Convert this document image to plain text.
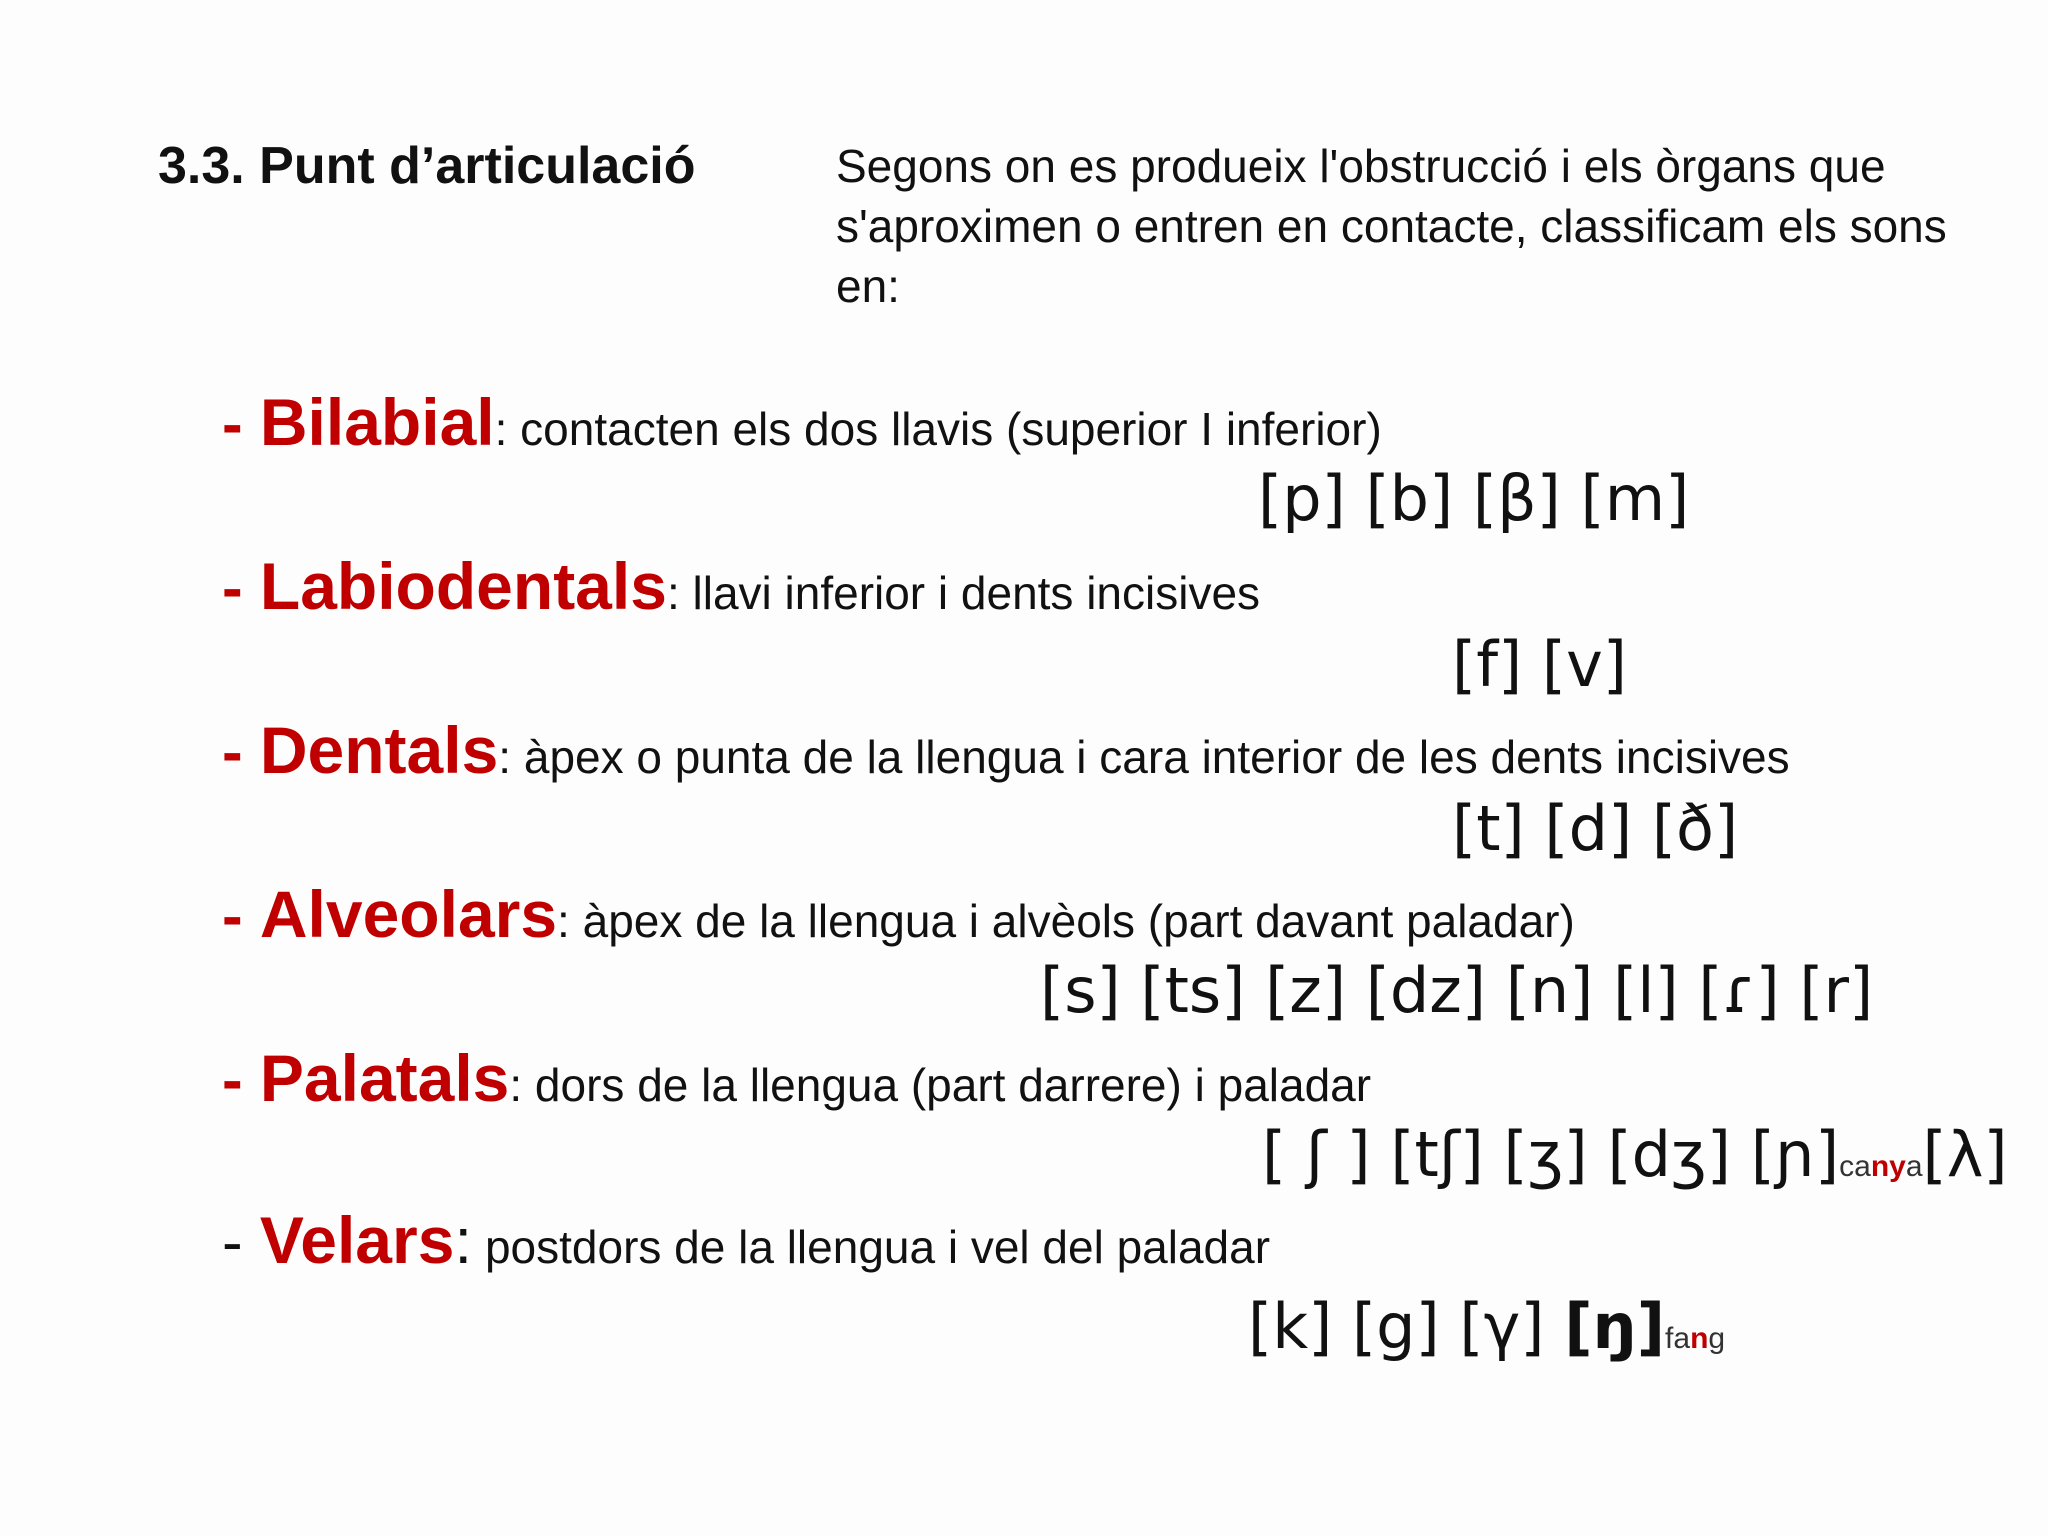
3.3. Punt d’articulació	Segons on es produeix l'obstrucció i els òrgans que s'aproximen o entren en contacte, classificam els sons en:
- Bilabial: contacten els dos llavis (superior I inferior)
[p] [b] [β] [m]
- Labiodentals: llavi inferior i dents incisives
[f] [v]
- Dentals: àpex o punta de la llengua i cara interior de les dents incisives
[t] [d] [ð]
- Alveolars: àpex de la llengua i alvèols (part davant paladar)
[s] [ts] [z] [dz] [n] [l] [ɾ] [r]
- Palatals: dors de la llengua (part darrere) i paladar
[ ʃ ] [tʃ] [ʒ] [dʒ] [ɲ]canya[λ]
- Velars: postdors de la llengua i vel del paladar
[k] [g] [γ] [ŋ]fang
